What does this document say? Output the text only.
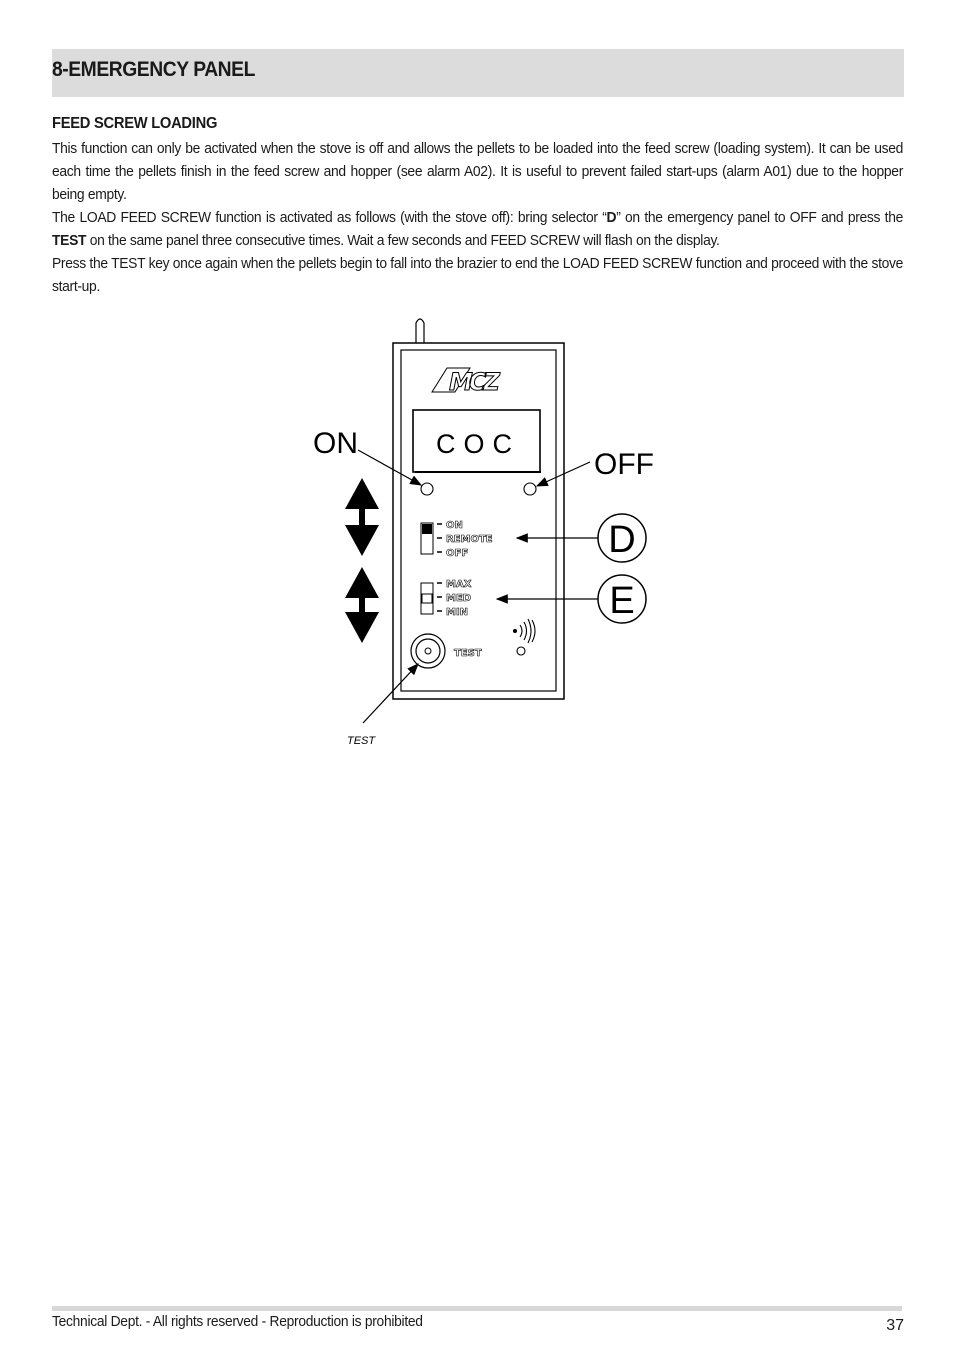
8-EMERGENCY PANEL
FEED SCREW LOADING

This function can only be activated when the stove is off and allows the pellets to be loaded into the feed screw (loading system). It can be used each time the pellets finish in the feed screw and hopper (see alarm A02). It is useful to prevent failed start-ups (alarm A01) due to the hopper being empty.

The LOAD FEED SCREW function is activated as follows (with the stove off): bring selector “D” on the emergency panel to OFF and press the TEST on the same panel three consecutive times. Wait a few seconds and FEED SCREW will flash on the display.

Press the TEST key once again when the pellets begin to fall into the brazier to end the LOAD FEED SCREW function and proceed with the stove start-up.

MCZ
COC
ON
OFF
ON
REMOTE
OFF	D
MAX
MED
MIN	E
TEST
TEST
Technical Dept. - All rights reserved - Reproduction is prohibited	37
